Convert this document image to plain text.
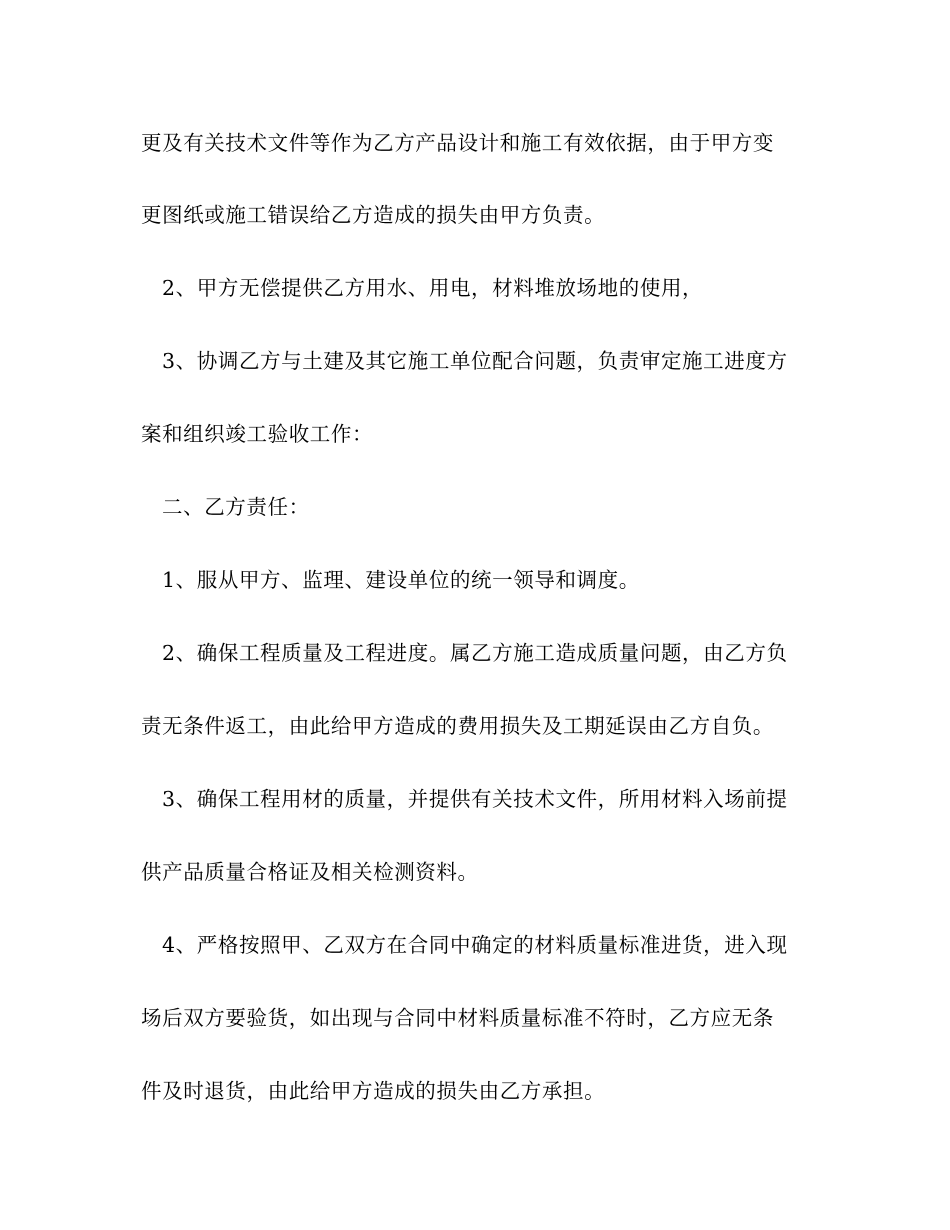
更及有关技术文件等作为乙方产品设计和施工有效依据，由于甲方变
更图纸或施工错误给乙方造成的损失由甲方负责。
2、甲方无偿提供乙方用水、用电，材料堆放场地的使用，
3、协调乙方与土建及其它施工单位配合问题，负责审定施工进度方
案和组织竣工验收工作：
二、乙方责任：
1、服从甲方、监理、建设单位的统一领导和调度。
2、确保工程质量及工程进度。属乙方施工造成质量问题，由乙方负
责无条件返工，由此给甲方造成的费用损失及工期延误由乙方自负。
3、确保工程用材的质量，并提供有关技术文件，所用材料入场前提
供产品质量合格证及相关检测资料。
4、严格按照甲、乙双方在合同中确定的材料质量标准进货，进入现
场后双方要验货，如出现与合同中材料质量标准不符时，乙方应无条
件及时退货，由此给甲方造成的损失由乙方承担。
